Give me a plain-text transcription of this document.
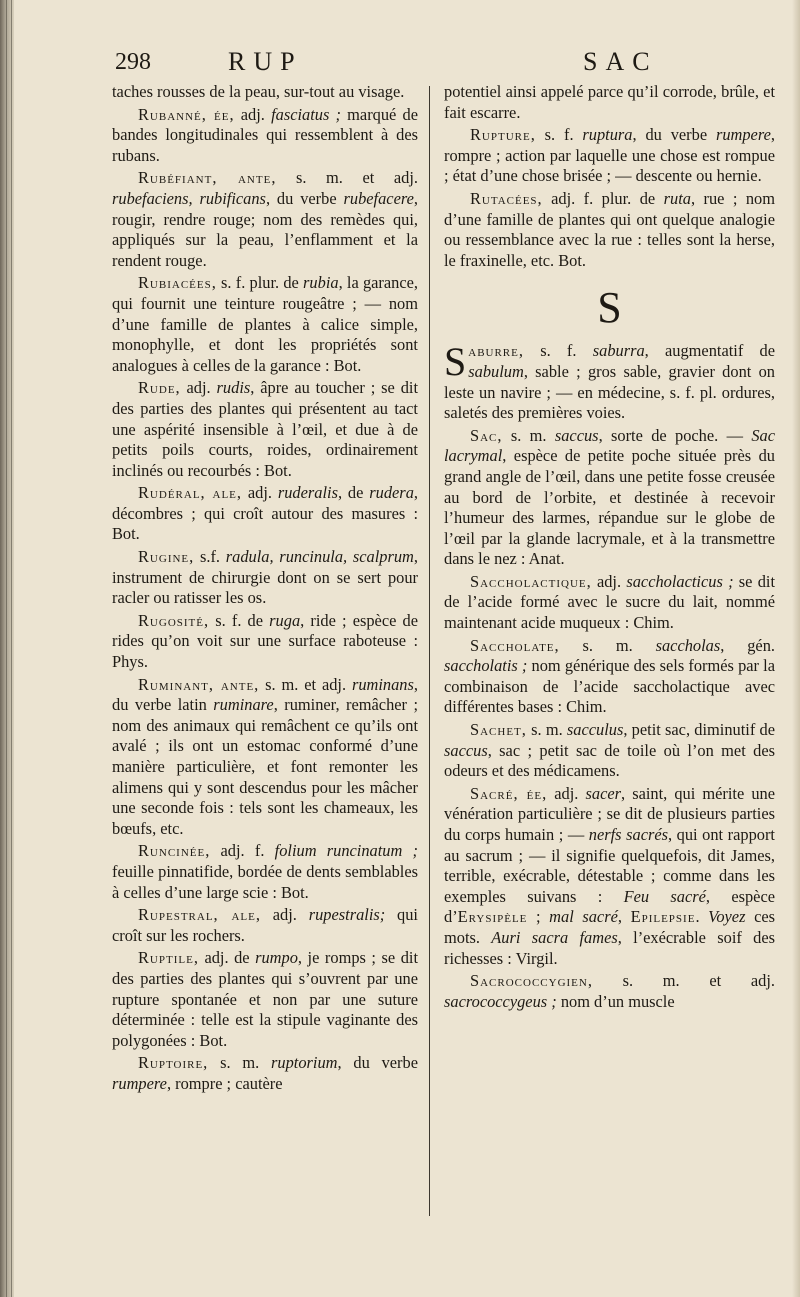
298	RUP	SAC

taches rousses de la peau, sur-tout au visage.

Rubanné, ée, adj. fasciatus ; marqué de bandes longitudinales qui ressemblent à des rubans.

Rubéfiant, ante, s. m. et adj. rubefaciens, rubificans, du verbe rubefacere, rougir, rendre rouge; nom des remèdes qui, appliqués sur la peau, l’enflamment et la rendent rouge.

Rubiacées, s. f. plur. de rubia, la garance, qui fournit une teinture rougeâtre ; — nom d’une famille de plantes à calice simple, monophylle, et dont les propriétés sont analogues à celles de la garance : Bot.

Rude, adj. rudis, âpre au toucher ; se dit des parties des plantes qui présentent au tact une aspérité insensible à l’œil, et due à de petits poils courts, roides, ordinairement inclinés ou recourbés : Bot.

Rudéral, ale, adj. ruderalis, de rudera, décombres ; qui croît autour des masures : Bot.

Rugine, s.f. radula, runcinula, scalprum, instrument de chirurgie dont on se sert pour racler ou ratisser les os.

Rugosité, s. f. de ruga, ride ; espèce de rides qu’on voit sur une surface raboteuse : Phys.

Ruminant, ante, s. m. et adj. ruminans, du verbe latin ruminare, ruminer, remâcher ; nom des animaux qui remâchent ce qu’ils ont avalé ; ils ont un estomac conformé d’une manière particulière, et font remonter les alimens qui y sont descendus pour les mâcher une seconde fois : tels sont les chameaux, les bœufs, etc.

Runcinée, adj. f. folium runcinatum ; feuille pinnatifide, bordée de dents semblables à celles d’une large scie : Bot.

Rupestral, ale, adj. rupestralis; qui croît sur les rochers.

Ruptile, adj. de rumpo, je romps ; se dit des parties des plantes qui s’ouvrent par une rupture spontanée et non par une suture déterminée : telle est la stipule vaginante des polygonées : Bot.

Ruptoire, s. m. ruptorium, du verbe rumpere, rompre ; cautère

potentiel ainsi appelé parce qu’il corrode, brûle, et fait escarre.

Rupture, s. f. ruptura, du verbe rumpere, rompre ; action par laquelle une chose est rompue ; état d’une chose brisée ; — descente ou hernie.

Rutacées, adj. f. plur. de ruta, rue ; nom d’une famille de plantes qui ont quelque analogie ou ressemblance avec la rue : telles sont la herse, le fraxinelle, etc. Bot.

S

S aburre, s. f. saburra, augmentatif de sabulum, sable ; gros sable, gravier dont on leste un navire ; — en médecine, s. f. pl. ordures, saletés des premières voies.

Sac, s. m. saccus, sorte de poche. — Sac lacrymal, espèce de petite poche située près du grand angle de l’œil, dans une petite fosse creusée au bord de l’orbite, et destinée à recevoir l’humeur des larmes, répandue sur le globe de l’œil par la glande lacrymale, et à la transmettre dans le nez : Anat.

Saccholactique, adj. saccholacticus ; se dit de l’acide formé avec le sucre du lait, nommé maintenant acide muqueux : Chim.

Saccholate, s. m. saccholas, gén. saccholatis ; nom générique des sels formés par la combinaison de l’acide saccholactique avec différentes bases : Chim.

Sachet, s. m. sacculus, petit sac, diminutif de saccus, sac ; petit sac de toile où l’on met des odeurs et des médicamens.

Sacré, ée, adj. sacer, saint, qui mérite une vénération particulière ; se dit de plusieurs parties du corps humain ; — nerfs sacrés, qui ont rapport au sacrum ; — il signifie quelquefois, dit James, terrible, exécrable, détestable ; comme dans les exemples suivans : Feu sacré, espèce d’Erysipèle ; mal sacré, Epilepsie. Voyez ces mots. Auri sacra fames, l’exécrable soif des richesses : Virgil.

Sacrococcygien, s. m. et adj. sacrococcygeus ; nom d’un muscle
